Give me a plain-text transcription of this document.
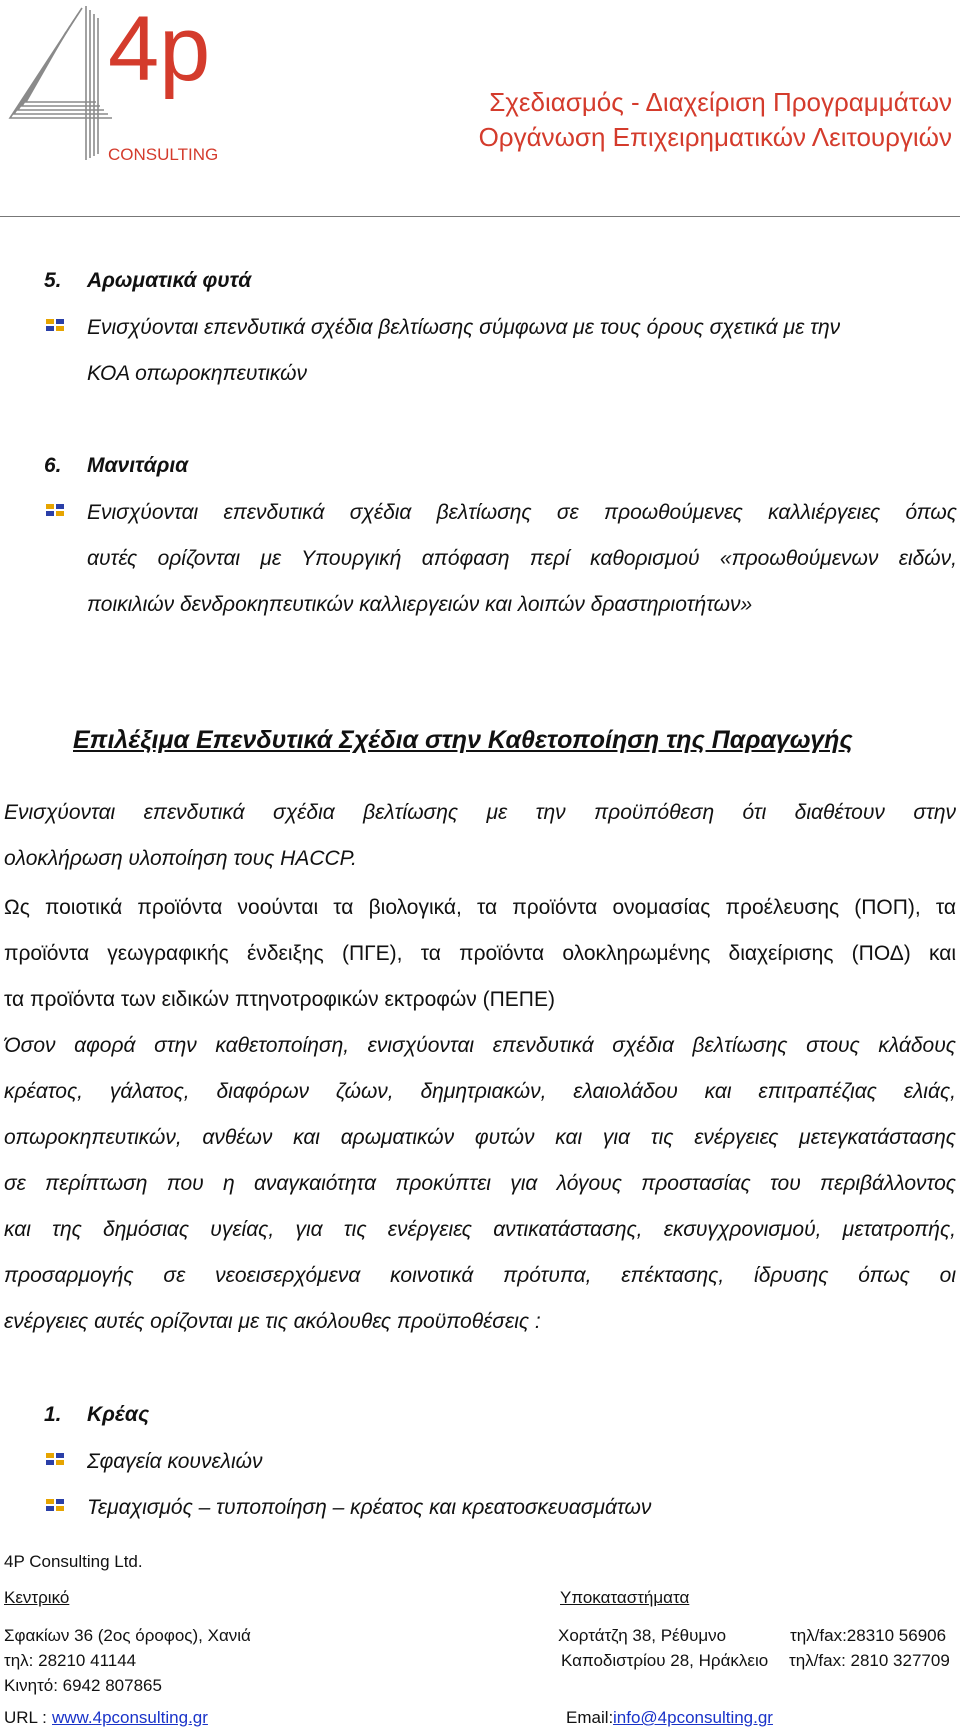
4p
CONSULTING
Σχεδιασμός - Διαχείριση Προγραμμάτων
Οργάνωση Επιχειρηματικών Λειτουργιών
5. Αρωματικά φυτά
Ενισχύονται επενδυτικά σχέδια βελτίωσης σύμφωνα με τους όρους σχετικά με την
ΚΟΑ οπωροκηπευτικών
6. Μανιτάρια
Ενισχύονται επενδυτικά σχέδια βελτίωσης σε προωθούμενες καλλιέργειες όπως
αυτές ορίζονται με Υπουργική απόφαση περί καθορισμού «προωθούμενων ειδών,
ποικιλιών δενδροκηπευτικών καλλιεργειών και λοιπών δραστηριοτήτων»
Επιλέξιμα Επενδυτικά Σχέδια στην Καθετοποίηση της Παραγωγής
Ενισχύονται επενδυτικά σχέδια βελτίωσης με την προϋπόθεση ότι διαθέτουν στην
ολοκλήρωση υλοποίηση τους HACCP.
Ως ποιοτικά προϊόντα νοούνται τα βιολογικά, τα προϊόντα ονομασίας προέλευσης (ΠΟΠ), τα
προϊόντα γεωγραφικής ένδειξης (ΠΓΕ), τα προϊόντα ολοκληρωμένης διαχείρισης (ΠΟΔ) και
τα προϊόντα των ειδικών πτηνοτροφικών εκτροφών (ΠΕΠΕ)
Όσον αφορά στην καθετοποίηση, ενισχύονται επενδυτικά σχέδια βελτίωσης στους κλάδους
κρέατος, γάλατος, διαφόρων ζώων, δημητριακών, ελαιολάδου και επιτραπέζιας ελιάς,
οπωροκηπευτικών, ανθέων και αρωματικών φυτών και για τις ενέργειες μετεγκατάστασης
σε περίπτωση που η αναγκαιότητα προκύπτει για λόγους προστασίας του περιβάλλοντος
και της δημόσιας υγείας, για τις ενέργειες αντικατάστασης, εκσυγχρονισμού, μετατροπής,
προσαρμογής σε νεοεισερχόμενα κοινοτικά πρότυπα, επέκτασης, ίδρυσης όπως οι
ενέργειες αυτές ορίζονται με τις ακόλουθες προϋποθέσεις :
1. Κρέας
Σφαγεία κουνελιών
Τεμαχισμός – τυποποίηση – κρέατος και κρεατοσκευασμάτων
4P Consulting Ltd.
Κεντρικό	Υποκαταστήματα
Σφακίων 36 (2ος όροφος), Χανιά
τηλ: 28210 41144
Κινητό: 6942 807865
Χορτάτζη 38, Ρέθυμνο	τηλ/fax:28310 56906
Καποδιστρίου 28, Ηράκλειο τηλ/fax: 2810 327709
URL : www.4pconsulting.gr	Email: info@4pconsulting.gr
